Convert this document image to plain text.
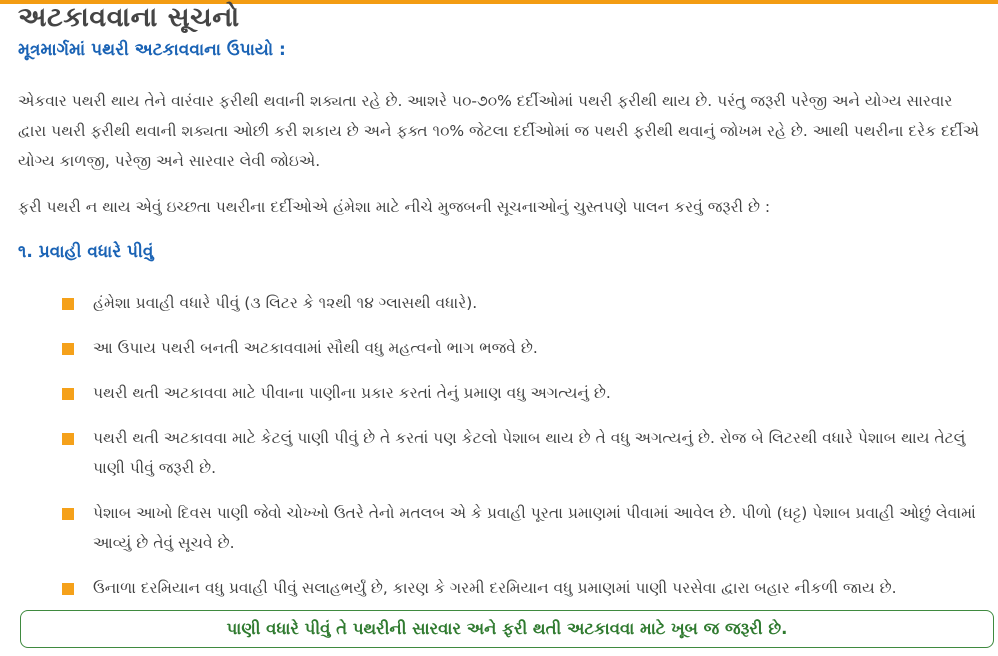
અટકાવવાના સૂચનો
મૂત્રમાર્ગમાં પથરી અટકાવવાના ઉપાયો :

એકવાર પથરી થાય તેને વારંવાર ફરીથી થવાની શક્યતા રહે છે. આશરે ૫૦-૭૦% દર્દીઓમાં પથરી ફરીથી થાય છે. પરંતુ જરૂરી પરેજી અને યોગ્ય સારવાર દ્વારા પથરી ફરીથી થવાની શક્યતા ઓછી કરી શકાય છે અને ફક્ત ૧૦% જેટલા દર્દીઓમાં જ પથરી ફરીથી થવાનું જોખમ રહે છે. આથી પથરીના દરેક દર્દીએ યોગ્ય કાળજી, પરેજી અને સારવાર લેવી જોઇએ.

ફરી પથરી ન થાય એવું ઇચ્છતા પથરીના દર્દીઓએ હંમેશા માટે નીચે મુજબની સૂચનાઓનું ચુસ્તપણે પાલન કરવું જરૂરી છે :

૧. પ્રવાહી વધારે પીવું
હંમેશા પ્રવાહી વધારે પીવું (૩ લિટર કે ૧૨થી ૧૪ ગ્લાસથી વધારે).
આ ઉપાય પથરી બનતી અટકાવવામાં સૌથી વધુ મહત્વનો ભાગ ભજવે છે.
પથરી થતી અટકાવવા માટે પીવાના પાણીના પ્રકાર કરતાં તેનું પ્રમાણ વધુ અગત્યનું છે.
પથરી થતી અટકાવવા માટે કેટલું પાણી પીવું છે તે કરતાં પણ કેટલો પેશાબ થાય છે તે વધુ અગત્યનું છે. રોજ બે લિટરથી વધારે પેશાબ થાય તેટલું પાણી પીવું જરૂરી છે.
પેશાબ આખો દિવસ પાણી જેવો ચોખ્ખો ઉતરે તેનો મતલબ એ કે પ્રવાહી પૂરતા પ્રમાણમાં પીવામાં આવેલ છે. પીળો (ઘટ્ટ) પેશાબ પ્રવાહી ઓછું લેવામાં આવ્યું છે તેવું સૂચવે છે.
ઉનાળા દરમિયાન વધુ પ્રવાહી પીવું સલાહભર્યું છે, કારણ કે ગરમી દરમિયાન વધુ પ્રમાણમાં પાણી પરસેવા દ્વારા બહાર નીકળી જાય છે.
પાણી વધારે પીવું તે પથરીની સારવાર અને ફરી થતી અટકાવવા માટે ખૂબ જ જરૂરી છે.
